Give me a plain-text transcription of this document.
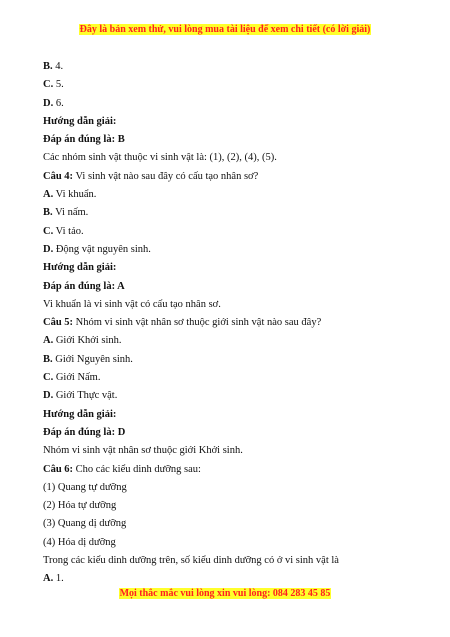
Đây là bản xem thử, vui lòng mua tài liệu để xem chi tiết (có lời giải)
B. 4.
C. 5.
D. 6.
Hướng dẫn giải:
Đáp án đúng là: B
Các nhóm sinh vật thuộc vi sinh vật là: (1), (2), (4), (5).
Câu 4: Vi sinh vật nào sau đây có cấu tạo nhân sơ?
A. Vi khuẩn.
B. Vi nấm.
C. Vi tảo.
D. Động vật nguyên sinh.
Hướng dẫn giải:
Đáp án đúng là: A
Vi khuẩn là vi sinh vật có cấu tạo nhân sơ.
Câu 5: Nhóm vi sinh vật nhân sơ thuộc giới sinh vật nào sau đây?
A. Giới Khởi sinh.
B. Giới Nguyên sinh.
C. Giới Nấm.
D. Giới Thực vật.
Hướng dẫn giải:
Đáp án đúng là: D
Nhóm vi sinh vật nhân sơ thuộc giới Khởi sinh.
Câu 6: Cho các kiểu dinh dưỡng sau:
(1) Quang tự dưỡng
(2) Hóa tự dưỡng
(3) Quang dị dưỡng
(4) Hóa dị dưỡng
Trong các kiểu dinh dưỡng trên, số kiểu dinh dưỡng có ở vi sinh vật là
A. 1.
Mọi thắc mắc vui lòng xin vui lòng: 084 283 45 85
